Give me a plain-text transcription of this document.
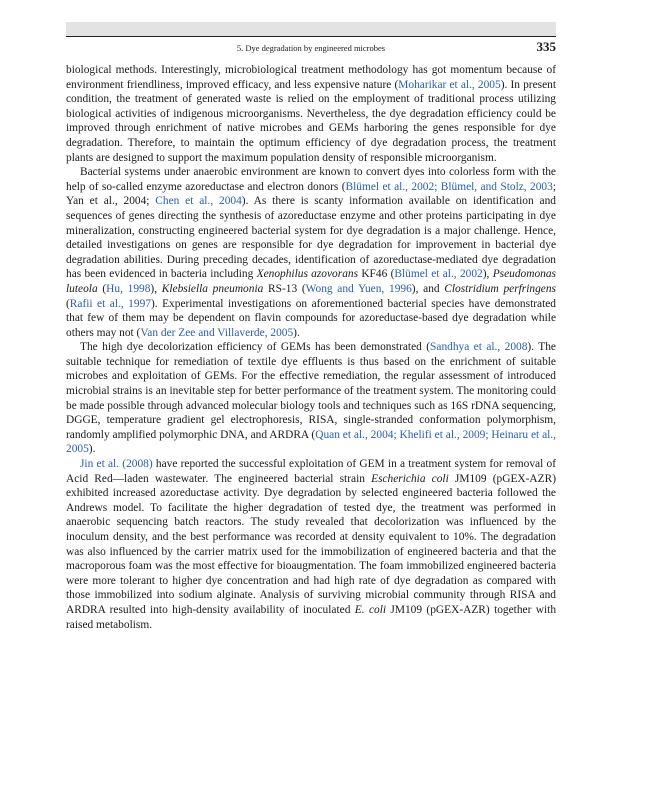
5. Dye degradation by engineered microbes	335

biological methods. Interestingly, microbiological treatment methodology has got momentum because of environment friendliness, improved efficacy, and less expensive nature (Moharikar et al., 2005). In present condition, the treatment of generated waste is relied on the employment of traditional process utilizing biological activities of indigenous microorganisms. Nevertheless, the dye degradation efficiency could be improved through enrichment of native microbes and GEMs harboring the genes responsible for dye degradation. Therefore, to maintain the optimum efficiency of dye degradation process, the treatment plants are designed to support the maximum population density of responsible microorganism.

Bacterial systems under anaerobic environment are known to convert dyes into colorless form with the help of so-called enzyme azoreductase and electron donors (Blümel et al., 2002; Blümel, and Stolz, 2003; Yan et al., 2004; Chen et al., 2004). As there is scanty information available on identification and sequences of genes directing the synthesis of azoreductase enzyme and other proteins participating in dye mineralization, constructing engineered bacterial system for dye degradation is a major challenge. Hence, detailed investigations on genes are responsible for dye degradation for improvement in bacterial dye degradation abilities. During preceding decades, identification of azoreductase-mediated dye degradation has been evidenced in bacteria including Xenophilus azovorans KF46 (Blümel et al., 2002), Pseudomonas luteola (Hu, 1998), Klebsiella pneumonia RS-13 (Wong and Yuen, 1996), and Clostridium perfringens (Rafii et al., 1997). Experimental investigations on aforementioned bacterial species have demonstrated that few of them may be dependent on flavin compounds for azoreductase-based dye degradation while others may not (Van der Zee and Villaverde, 2005).

The high dye decolorization efficiency of GEMs has been demonstrated (Sandhya et al., 2008). The suitable technique for remediation of textile dye effluents is thus based on the enrichment of suitable microbes and exploitation of GEMs. For the effective remediation, the regular assessment of introduced microbial strains is an inevitable step for better performance of the treatment system. The monitoring could be made possible through advanced molecular biology tools and techniques such as 16S rDNA sequencing, DGGE, temperature gradient gel electrophoresis, RISA, single-stranded conformation polymorphism, randomly amplified polymorphic DNA, and ARDRA (Quan et al., 2004; Khelifi et al., 2009; Heinaru et al., 2005).

Jin et al. (2008) have reported the successful exploitation of GEM in a treatment system for removal of Acid Red—laden wastewater. The engineered bacterial strain Escherichia coli JM109 (pGEX-AZR) exhibited increased azoreductase activity. Dye degradation by selected engineered bacteria followed the Andrews model. To facilitate the higher degradation of tested dye, the treatment was performed in anaerobic sequencing batch reactors. The study revealed that decolorization was influenced by the inoculum density, and the best performance was recorded at density equivalent to 10%. The degradation was also influenced by the carrier matrix used for the immobilization of engineered bacteria and that the macroporous foam was the most effective for bioaugmentation. The foam immobilized engineered bacteria were more tolerant to higher dye concentration and had high rate of dye degradation as compared with those immobilized into sodium alginate. Analysis of surviving microbial community through RISA and ARDRA resulted into high-density availability of inoculated E. coli JM109 (pGEX-AZR) together with raised metabolism.
